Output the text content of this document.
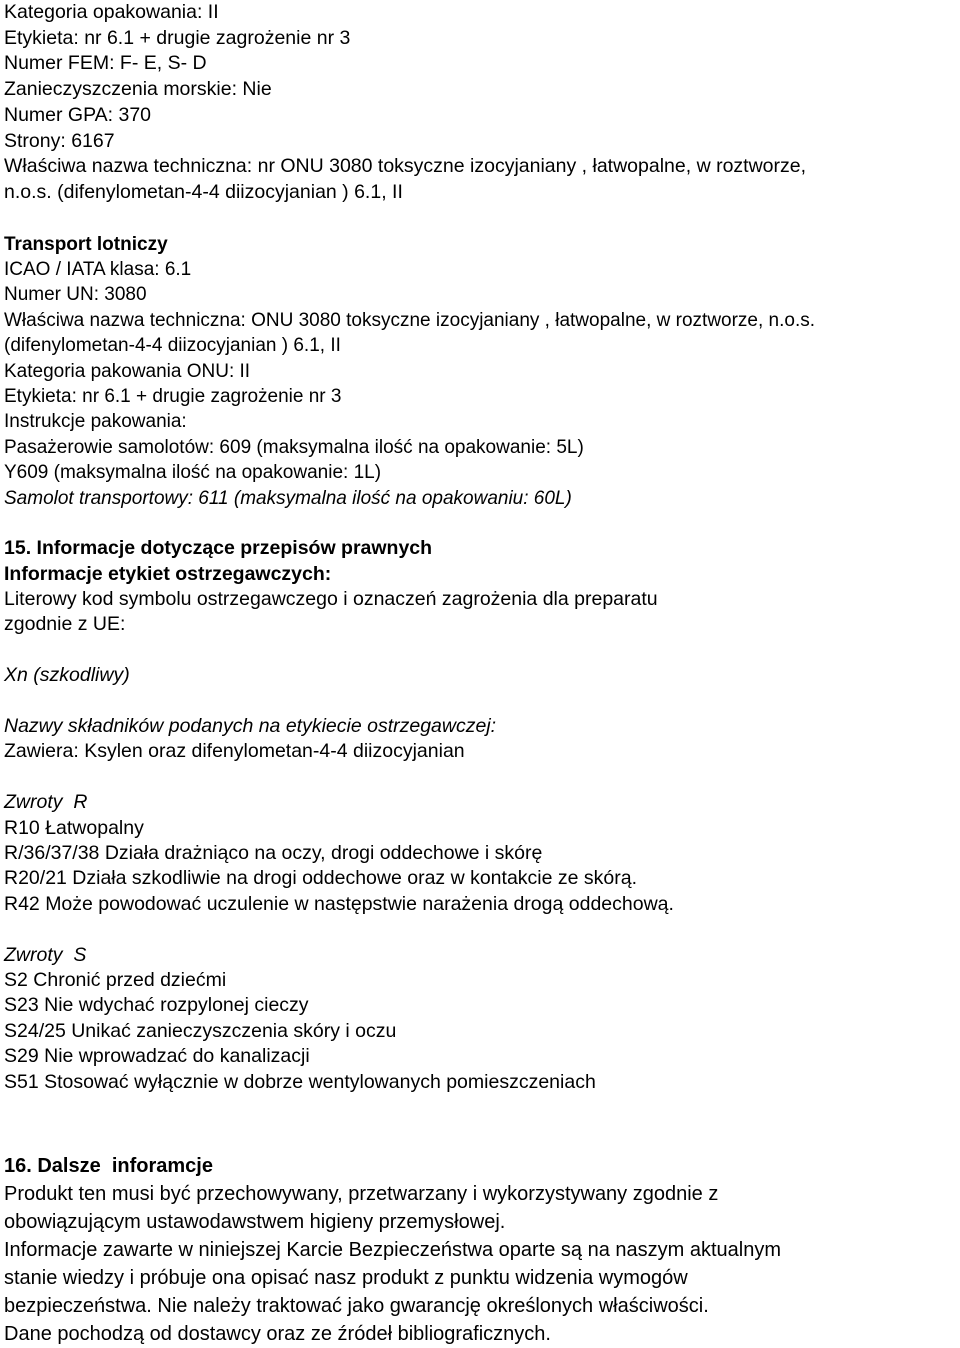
Kategoria opakowania: II

Etykieta: nr 6.1 + drugie zagrożenie nr 3

Numer FEM: F- E, S- D

Zanieczyszczenia morskie: Nie

Numer GPA: 370

Strony: 6167

Właściwa nazwa techniczna: nr ONU 3080 toksyczne izocyjaniany , łatwopalne, w roztworze,

n.o.s. (difenylometan-4-4 diizocyjanian ) 6.1, II

Transport lotniczy

ICAO / IATA klasa: 6.1

Numer UN: 3080

Właściwa nazwa techniczna: ONU 3080 toksyczne izocyjaniany , łatwopalne, w roztworze, n.o.s.

(difenylometan-4-4 diizocyjanian ) 6.1, II

Kategoria pakowania ONU: II

Etykieta: nr 6.1 + drugie zagrożenie nr 3

Instrukcje pakowania:

Pasażerowie samolotów: 609 (maksymalna ilość na opakowanie: 5L)

Y609 (maksymalna ilość na opakowanie: 1L)

Samolot transportowy: 611 (maksymalna ilość na opakowaniu: 60L)

15. Informacje dotyczące przepisów prawnych

Informacje etykiet ostrzegawczych:

Literowy kod symbolu ostrzegawczego i oznaczeń zagrożenia dla preparatu

zgodnie z UE:

Xn (szkodliwy)

Nazwy składników podanych na etykiecie ostrzegawczej:

Zawiera: Ksylen oraz difenylometan-4-4 diizocyjanian

Zwroty  R

R10 Łatwopalny

R/36/37/38 Działa drażniąco na oczy, drogi oddechowe i skórę

R20/21 Działa szkodliwie na drogi oddechowe oraz w kontakcie ze skórą.

R42 Może powodować uczulenie w następstwie narażenia drogą oddechową.

Zwroty  S

S2 Chronić przed dziećmi

S23 Nie wdychać rozpylonej cieczy

S24/25 Unikać zanieczyszczenia skóry i oczu

S29 Nie wprowadzać do kanalizacji

S51 Stosować wyłącznie w dobrze wentylowanych pomieszczeniach

16. Dalsze  inforamcje

Produkt ten musi być przechowywany, przetwarzany i wykorzystywany zgodnie z

obowiązującym ustawodawstwem higieny przemysłowej.

Informacje zawarte w niniejszej Karcie Bezpieczeństwa oparte są na naszym aktualnym

stanie wiedzy i próbuje ona opisać nasz produkt z punktu widzenia wymogów

bezpieczeństwa. Nie należy traktować jako gwarancję określonych właściwości.

Dane pochodzą od dostawcy oraz ze źródeł bibliograficznych.
